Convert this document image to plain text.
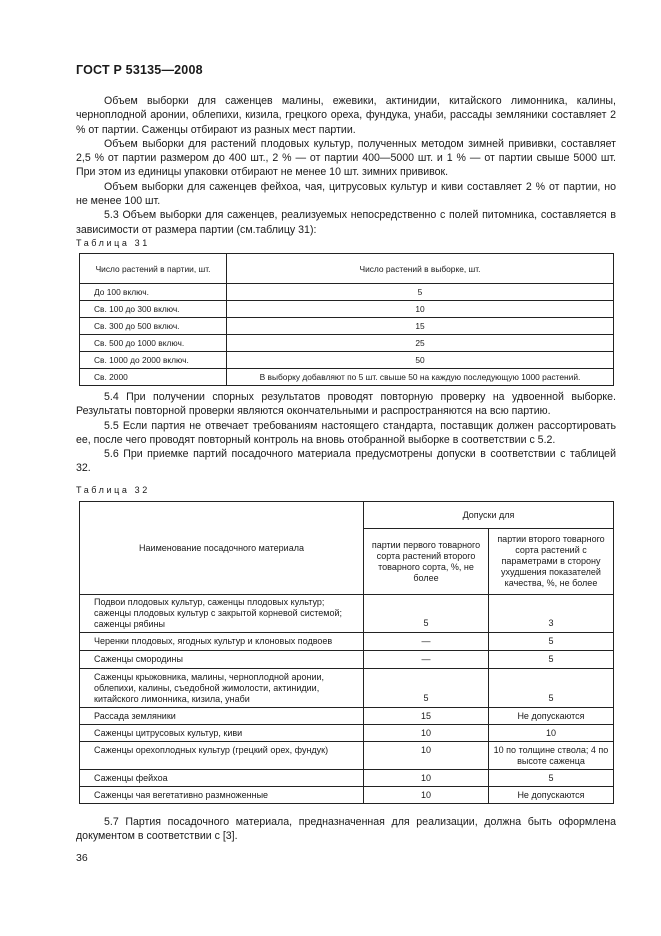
ГОСТ Р 53135—2008

Объем выборки для саженцев малины, ежевики, актинидии, китайского лимонника, калины, черноплодной аронии, облепихи, кизила, грецкого ореха, фундука, унаби, рассады земляники составляет 2 % от партии. Саженцы отбирают из разных мест партии.

Объем выборки для растений плодовых культур, полученных методом зимней прививки, составляет 2,5 % от партии размером до 400 шт., 2 % — от партии 400—5000 шт. и 1 % — от партии свыше 5000 шт. При этом из единицы упаковки отбирают не менее 10 шт. зимних прививок.

Объем выборки для саженцев фейхоа, чая, цитрусовых культур и киви составляет 2 % от партии, но не менее 100 шт.

5.3 Объем выборки для саженцев, реализуемых непосредственно с полей питомника, составляется в зависимости от размера партии (см.таблицу 31):

Таблица 31
Число растений в партии, шт.	Число растений в выборке, шт.
До 100 включ.	5
Св. 100 до 300 включ.	10
Св. 300 до 500 включ.	15
Св. 500 до 1000 включ.	25
Св. 1000 до 2000 включ.	50
Св. 2000	В выборку добавляют по 5 шт. свыше 50 на каждую последующую 1000 растений.

5.4 При получении спорных результатов проводят повторную проверку на удвоенной выборке. Результаты повторной проверки являются окончательными и распространяются на всю партию.

5.5 Если партия не отвечает требованиям настоящего стандарта, поставщик должен рассортировать ее, после чего проводят повторный контроль на вновь отобранной выборке в соответствии с 5.2.

5.6 При приемке партий посадочного материала предусмотрены допуски в соответствии с таблицей 32.

Таблица 32
Наименование посадочного материала	Допуски для	
	партии первого товарного сорта растений второго товарного сорта, %, не более	партии второго товарного сорта растений с параметрами в сторону ухудшения показателей качества, %, не более
Подвои плодовых культур, саженцы плодовых культур; саженцы плодовых культур с закрытой корневой системой; саженцы рябины	5	3
Черенки плодовых, ягодных культур и клоновых подвоев	—	5
Саженцы смородины	—	5
Саженцы крыжовника, малины, черноплодной аронии, облепихи, калины, съедобной жимолости, актинидии, китайского лимонника, кизила, унаби	5	5
Рассада земляники	15	Не допускаются
Саженцы цитрусовых культур, киви	10	10
Саженцы орехоплодных культур (грецкий орех, фундук)	10	10 по толщине ствола; 4 по высоте саженца
Саженцы фейхоа	10	5
Саженцы чая вегетативно размноженные	10	Не допускаются

5.7 Партия посадочного материала, предназначенная для реализации, должна быть оформлена документом в соответствии с [3].

36
